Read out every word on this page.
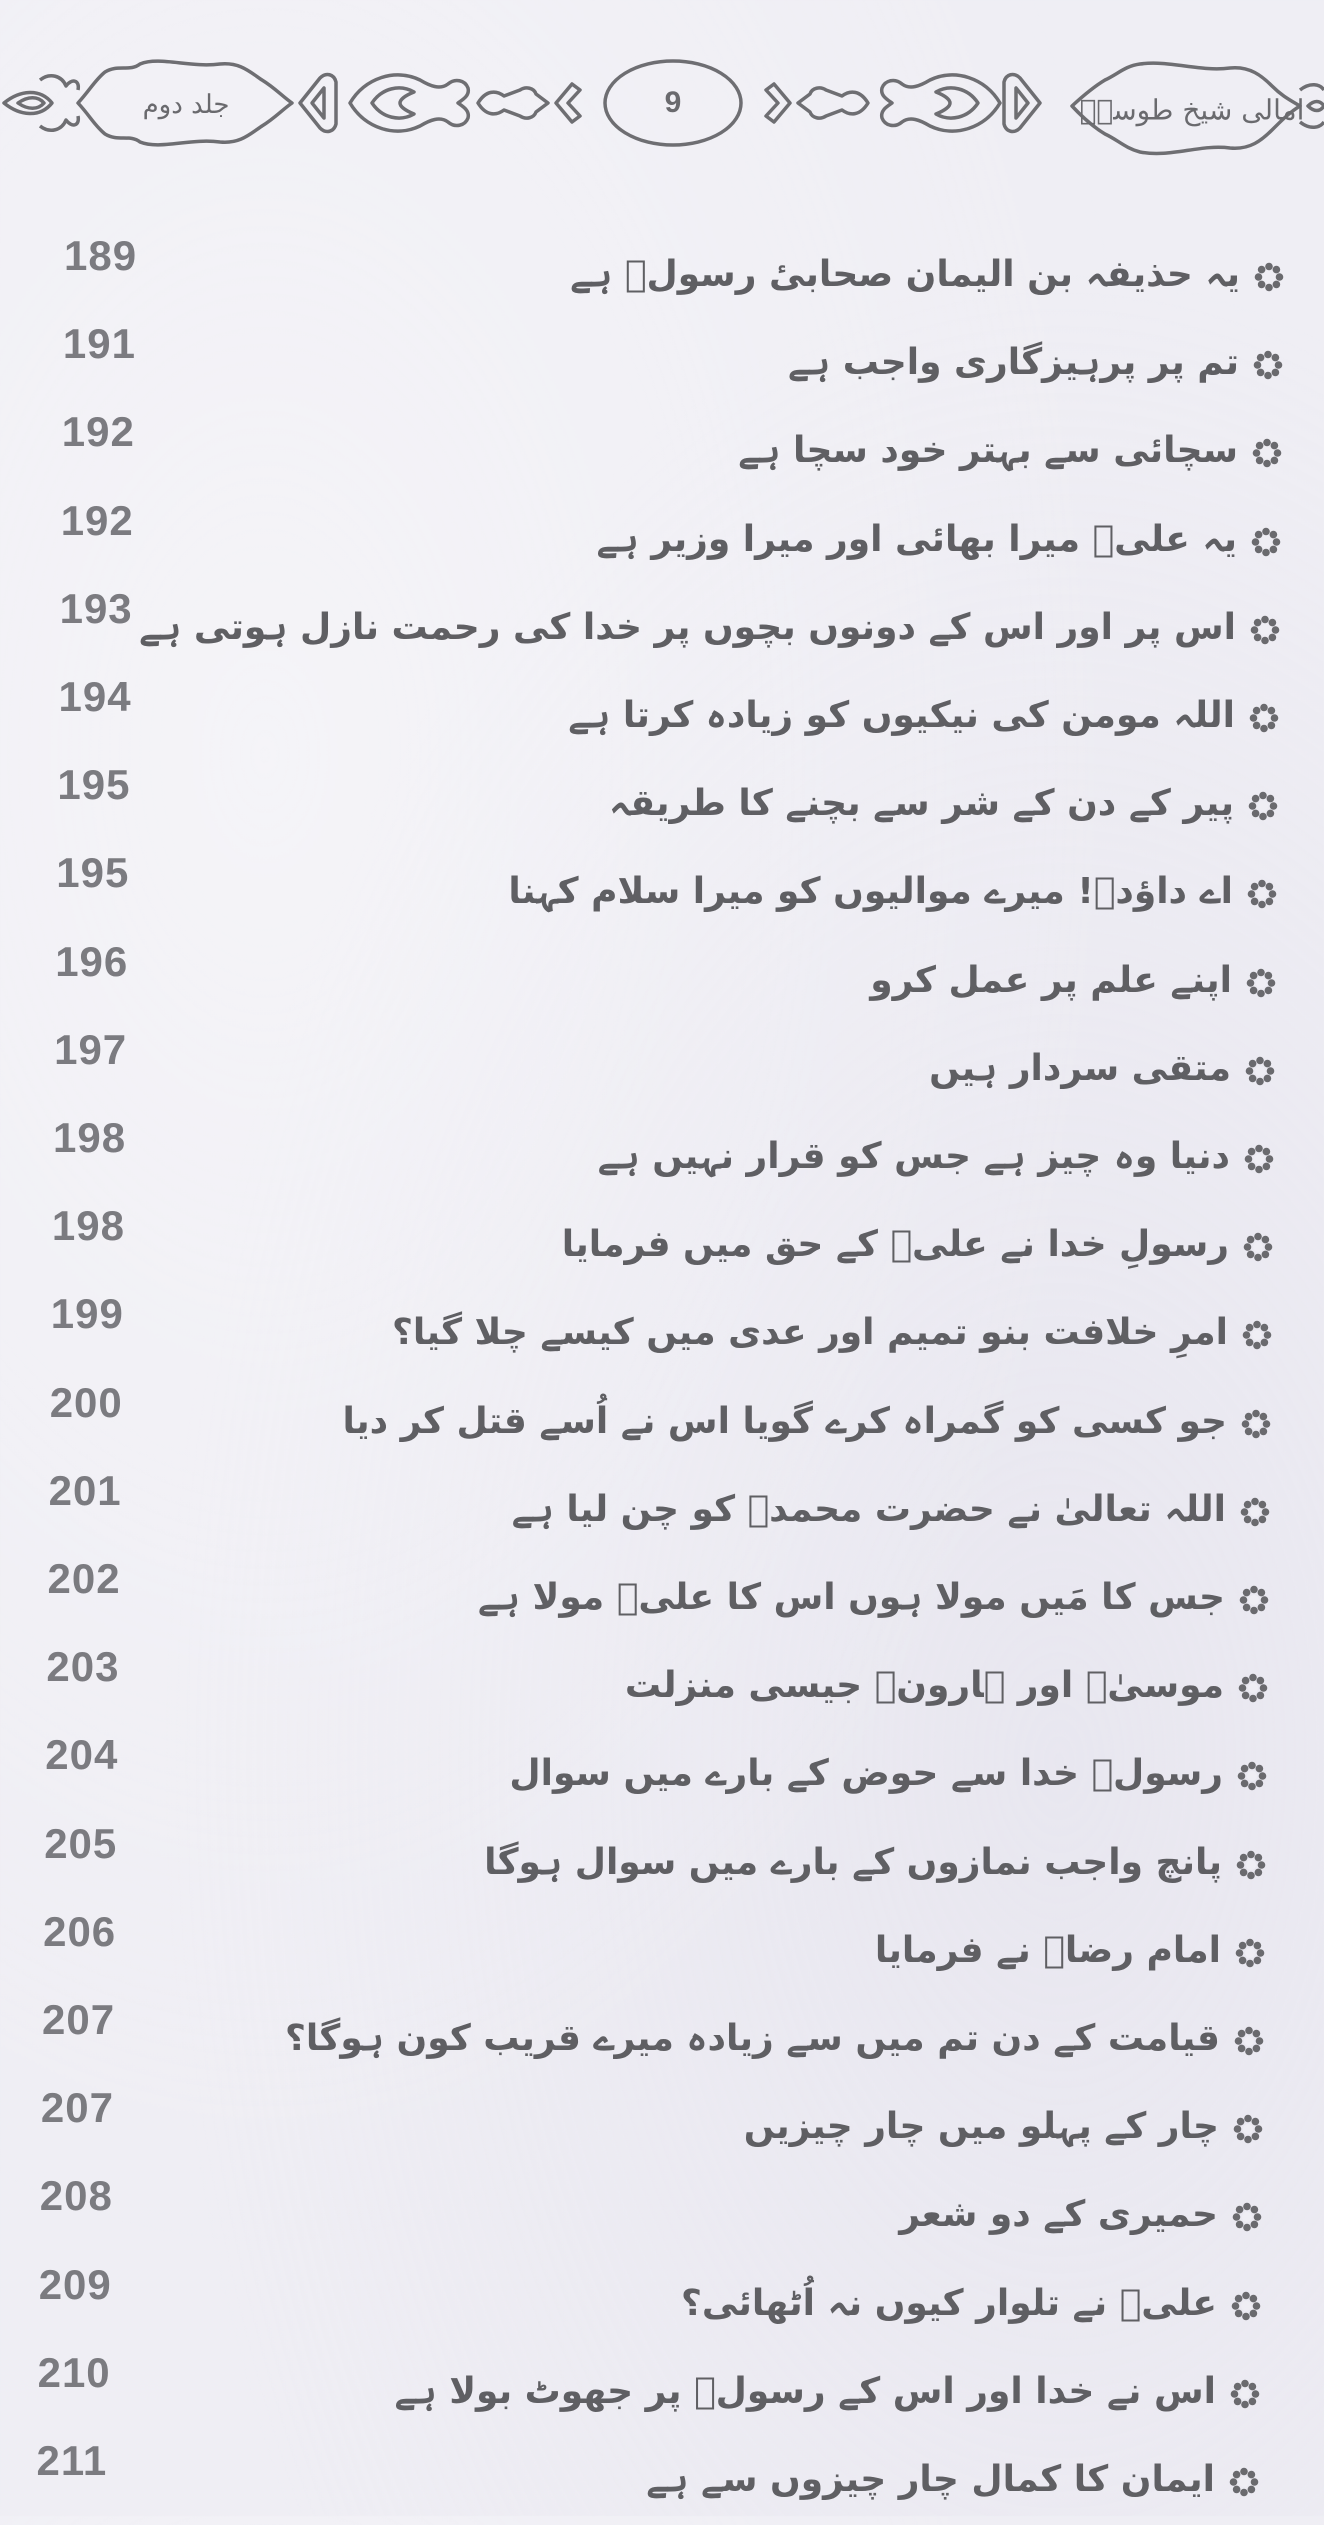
جلد دوم	9	امالی شیخ طوسیؒ
189	یہ حذیفہ بن الیمان صحابیٔ رسولؐ ہے
191	تم پر پرہیزگاری واجب ہے
192	سچائی سے بہتر خود سچا ہے
192	یہ علیؑ میرا بھائی اور میرا وزیر ہے
193 اس پر اور اس کے دونوں بچوں پر خدا کی رحمت نازل ہوتی ہے
194	اللہ مومن کی نیکیوں کو زیادہ کرتا ہے
195	پیر کے دن کے شر سے بچنے کا طریقہ
195	اے داؤدؑ! میرے موالیوں کو میرا سلام کہنا
196	اپنے علم پر عمل کرو
197	متقی سردار ہیں
198	دنیا وہ چیز ہے جس کو قرار نہیں ہے
198	رسولِ خدا نے علیؑ کے حق میں فرمایا
199	امرِ خلافت بنو تمیم اور عدی میں کیسے چلا گیا؟
200	جو کسی کو گمراہ کرے گویا اس نے اُسے قتل کر دیا
201	اللہ تعالیٰ نے حضرت محمدؐ کو چن لیا ہے
202	جس کا مَیں مولا ہوں اس کا علیؑ مولا ہے
203	موسیٰؑ اور ہارونؑ جیسی منزلت
204	رسولؐ خدا سے حوض کے بارے میں سوال
205	پانچ واجب نمازوں کے بارے میں سوال ہوگا
206	امام رضاؑ نے فرمایا
207	قیامت کے دن تم میں سے زیادہ میرے قریب کون ہوگا؟
207	چار کے پہلو میں چار چیزیں
208	حمیری کے دو شعر
209	علیؑ نے تلوار کیوں نہ اُٹھائی؟
210	اس نے خدا اور اس کے رسولؐ پر جھوٹ بولا ہے
211	ایمان کا کمال چار چیزوں سے ہے
